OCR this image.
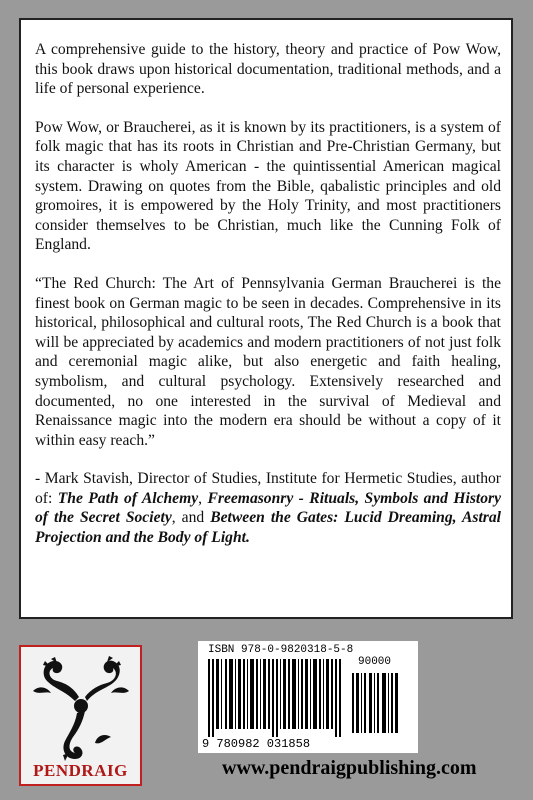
A comprehensive guide to the history, theory and practice of Pow Wow, this book draws upon historical documentation, traditional methods, and a life of personal experience.

Pow Wow, or Braucherei, as it is known by its practitioners, is a system of folk magic that has its roots in Christian and Pre-Christian Germany, but its character is wholy American - the quintissential American magical system. Drawing on quotes from the Bible, qabalistic principles and old gromoires, it is empowered by the Holy Trinity, and most practitioners consider themselves to be Christian, much like the Cunning Folk of England.

“The Red Church: The Art of Pennsylvania German Braucherei is the finest book on German magic to be seen in decades. Comprehensive in its historical, philosophical and cultural roots, The Red Church is a book that will be appreciated by academics and modern practitioners of not just folk and ceremonial magic alike, but also energetic and faith healing, symbolism, and cultural psychology. Extensively researched and documented, no one interested in the survival of Medieval and Renaissance magic into the modern era should be without a copy of it within easy reach.”

- Mark Stavish, Director of Studies, Institute for Hermetic Studies, author of: The Path of Alchemy, Freemasonry - Rituals, Symbols and History of the Secret Society, and Between the Gates: Lucid Dreaming, Astral Projection and the Body of Light.

PENDRAIG
ISBN 978-0-9820318-5-8
90000
9 780982 031858
www.pendraigpublishing.com
